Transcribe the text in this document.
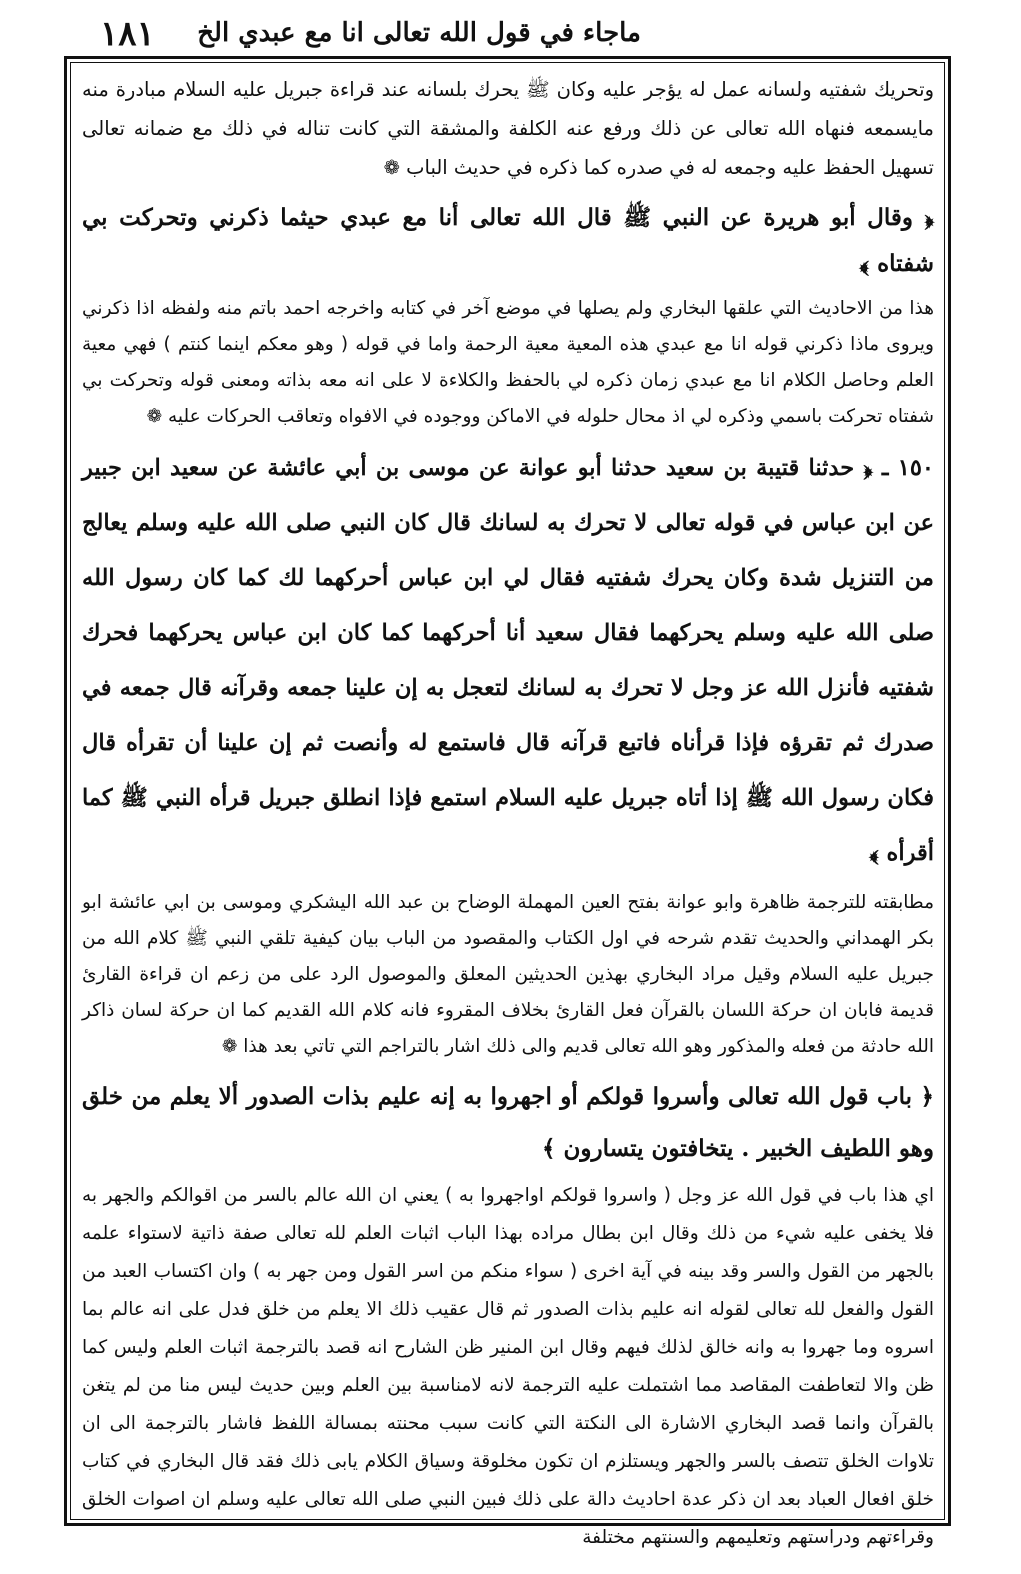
ماجاء في قول الله تعالى انا مع عبدي الخ
١٨١

وتحريك شفتيه ولسانه عمل له يؤجر عليه وكان ﷺ يحرك بلسانه عند قراءة جبريل عليه السلام مبادرة منه مايسمعه فنهاه الله تعالى عن ذلك ورفع عنه الكلفة والمشقة التي كانت تناله في ذلك مع ضمانه تعالى تسهيل الحفظ عليه وجمعه له في صدره كما ذكره في حديث الباب ❁

﴿ وقال أبو هريرة عن النبي ﷺ قال الله تعالى أنا مع عبدي حيثما ذكرني وتحركت بي شفتاه ﴾

هذا من الاحاديث التي علقها البخاري ولم يصلها في موضع آخر في كتابه واخرجه احمد باتم منه ولفظه اذا ذكرني ويروى ماذا ذكرني قوله انا مع عبدي هذه المعية معية الرحمة واما في قوله ( وهو معكم اينما كنتم ) فهي معية العلم وحاصل الكلام انا مع عبدي زمان ذكره لي بالحفظ والكلاءة لا على انه معه بذاته ومعنى قوله وتحركت بي شفتاه تحركت باسمي وذكره لي اذ محال حلوله في الاماكن ووجوده في الافواه وتعاقب الحركات عليه ❁

١٥٠ ـ ﴿ حدثنا قتيبة بن سعيد حدثنا أبو عوانة عن موسى بن أبي عائشة عن سعيد ابن جبير عن ابن عباس في قوله تعالى لا تحرك به لسانك قال كان النبي صلى الله عليه وسلم يعالج من التنزيل شدة وكان يحرك شفتيه فقال لي ابن عباس أحركهما لك كما كان رسول الله صلى الله عليه وسلم يحركهما فقال سعيد أنا أحركهما كما كان ابن عباس يحركهما فحرك شفتيه فأنزل الله عز وجل لا تحرك به لسانك لتعجل به إن علينا جمعه وقرآنه قال جمعه في صدرك ثم تقرؤه فإذا قرأناه فاتبع قرآنه قال فاستمع له وأنصت ثم إن علينا أن تقرأه قال فكان رسول الله ﷺ إذا أتاه جبريل عليه السلام استمع فإذا انطلق جبريل قرأه النبي ﷺ كما أقرأه ﴾

مطابقته للترجمة ظاهرة وابو عوانة بفتح العين المهملة الوضاح بن عبد الله اليشكري وموسى بن ابي عائشة ابو بكر الهمداني والحديث تقدم شرحه في اول الكتاب والمقصود من الباب بيان كيفية تلقي النبي ﷺ كلام الله من جبريل عليه السلام وقيل مراد البخاري بهذين الحديثين المعلق والموصول الرد على من زعم ان قراءة القارئ قديمة فابان ان حركة اللسان بالقرآن فعل القارئ بخلاف المقروء فانه كلام الله القديم كما ان حركة لسان ذاكر الله حادثة من فعله والمذكور وهو الله تعالى قديم والى ذلك اشار بالتراجم التي تاتي بعد هذا ❁

﴿ باب قول الله تعالى وأسروا قولكم أو اجهروا به إنه عليم بذات الصدور ألا يعلم من خلق وهو اللطيف الخبير . يتخافتون يتسارون ﴾

اي هذا باب في قول الله عز وجل ( واسروا قولكم اواجهروا به ) يعني ان الله عالم بالسر من اقوالكم والجهر به فلا يخفى عليه شيء من ذلك وقال ابن بطال مراده بهذا الباب اثبات العلم لله تعالى صفة ذاتية لاستواء علمه بالجهر من القول والسر وقد بينه في آية اخرى ( سواء منكم من اسر القول ومن جهر به ) وان اكتساب العبد من القول والفعل لله تعالى لقوله انه عليم بذات الصدور ثم قال عقيب ذلك الا يعلم من خلق فدل على انه عالم بما اسروه وما جهروا به وانه خالق لذلك فيهم وقال ابن المنير ظن الشارح انه قصد بالترجمة اثبات العلم وليس كما ظن والا لتعاطفت المقاصد مما اشتملت عليه الترجمة لانه لامناسبة بين العلم وبين حديث ليس منا من لم يتغن بالقرآن وانما قصد البخاري الاشارة الى النكتة التي كانت سبب محنته بمسالة اللفظ فاشار بالترجمة الى ان تلاوات الخلق تتصف بالسر والجهر ويستلزم ان تكون مخلوقة وسياق الكلام يابى ذلك فقد قال البخاري في كتاب خلق افعال العباد بعد ان ذكر عدة احاديث دالة على ذلك فبين النبي صلى الله تعالى عليه وسلم ان اصوات الخلق وقراءتهم ودراستهم وتعليمهم والسنتهم مختلفة
